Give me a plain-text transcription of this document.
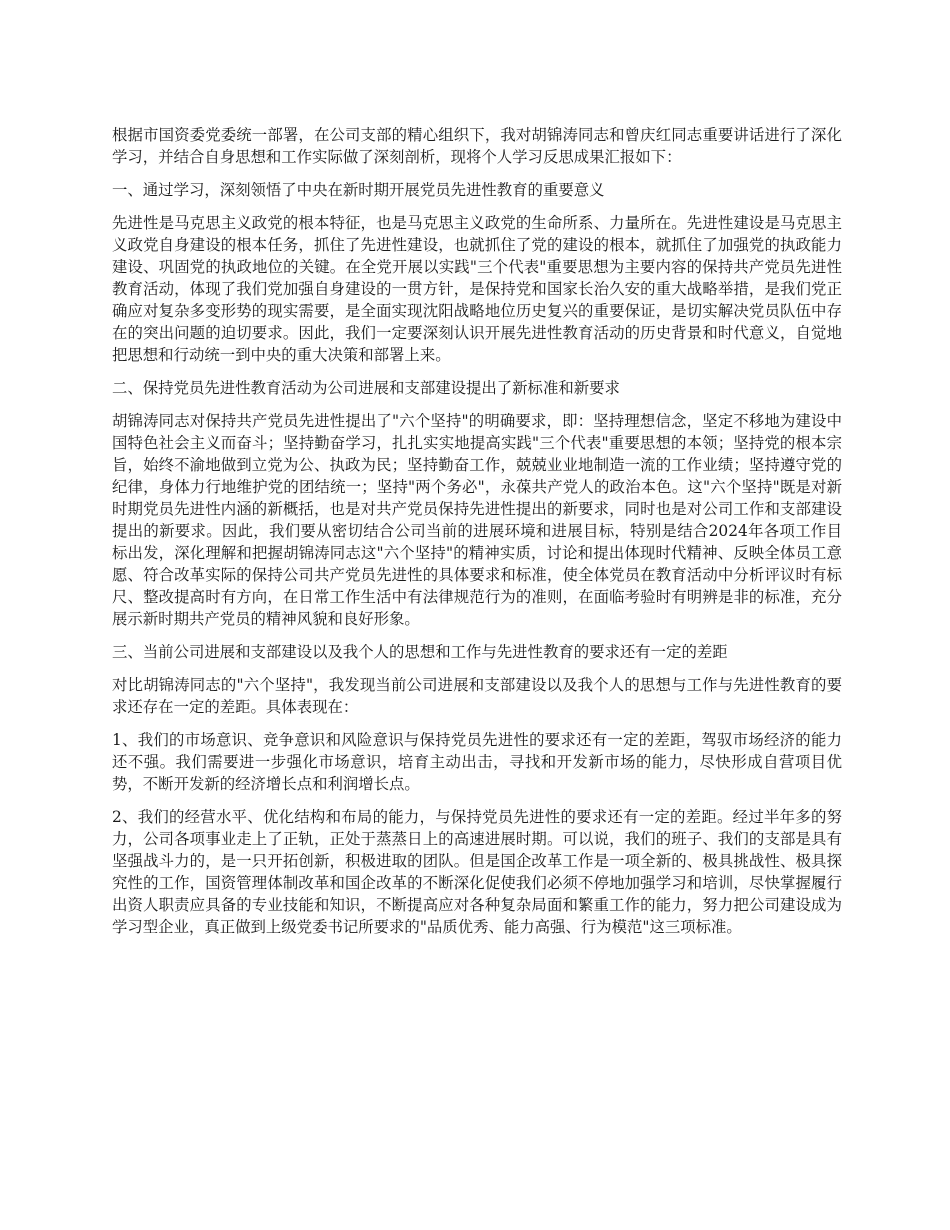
根据市国资委党委统一部署，在公司支部的精心组织下，我对胡锦涛同志和曾庆红同志重要讲话进行了深化学习，并结合自身思想和工作实际做了深刻剖析，现将个人学习反思成果汇报如下：

一、通过学习，深刻领悟了中央在新时期开展党员先进性教育的重要意义

先进性是马克思主义政党的根本特征，也是马克思主义政党的生命所系、力量所在。先进性建设是马克思主义政党自身建设的根本任务，抓住了先进性建设，也就抓住了党的建设的根本，就抓住了加强党的执政能力建设、巩固党的执政地位的关键。在全党开展以实践"三个代表"重要思想为主要内容的保持共产党员先进性教育活动，体现了我们党加强自身建设的一贯方针，是保持党和国家长治久安的重大战略举措，是我们党正确应对复杂多变形势的现实需要，是全面实现沈阳战略地位历史复兴的重要保证，是切实解决党员队伍中存在的突出问题的迫切要求。因此，我们一定要深刻认识开展先进性教育活动的历史背景和时代意义，自觉地把思想和行动统一到中央的重大决策和部署上来。

二、保持党员先进性教育活动为公司进展和支部建设提出了新标准和新要求

胡锦涛同志对保持共产党员先进性提出了"六个坚持"的明确要求，即：坚持理想信念，坚定不移地为建设中国特色社会主义而奋斗；坚持勤奋学习，扎扎实实地提高实践"三个代表"重要思想的本领；坚持党的根本宗旨，始终不渝地做到立党为公、执政为民；坚持勤奋工作，兢兢业业地制造一流的工作业绩；坚持遵守党的纪律，身体力行地维护党的团结统一；坚持"两个务必"，永葆共产党人的政治本色。这"六个坚持"既是对新时期党员先进性内涵的新概括，也是对共产党员保持先进性提出的新要求，同时也是对公司工作和支部建设提出的新要求。因此，我们要从密切结合公司当前的进展环境和进展目标，特别是结合2024年各项工作目标出发，深化理解和把握胡锦涛同志这"六个坚持"的精神实质，讨论和提出体现时代精神、反映全体员工意愿、符合改革实际的保持公司共产党员先进性的具体要求和标准，使全体党员在教育活动中分析评议时有标尺、整改提高时有方向，在日常工作生活中有法律规范行为的准则，在面临考验时有明辨是非的标准，充分展示新时期共产党员的精神风貌和良好形象。

三、当前公司进展和支部建设以及我个人的思想和工作与先进性教育的要求还有一定的差距

对比胡锦涛同志的"六个坚持"，我发现当前公司进展和支部建设以及我个人的思想与工作与先进性教育的要求还存在一定的差距。具体表现在：

1、我们的市场意识、竞争意识和风险意识与保持党员先进性的要求还有一定的差距，驾驭市场经济的能力还不强。我们需要进一步强化市场意识，培育主动出击，寻找和开发新市场的能力，尽快形成自营项目优势，不断开发新的经济增长点和利润增长点。

2、我们的经营水平、优化结构和布局的能力，与保持党员先进性的要求还有一定的差距。经过半年多的努力，公司各项事业走上了正轨，正处于蒸蒸日上的高速进展时期。可以说，我们的班子、我们的支部是具有坚强战斗力的，是一只开拓创新，积极进取的团队。但是国企改革工作是一项全新的、极具挑战性、极具探究性的工作，国资管理体制改革和国企改革的不断深化促使我们必须不停地加强学习和培训，尽快掌握履行出资人职责应具备的专业技能和知识，不断提高应对各种复杂局面和繁重工作的能力，努力把公司建设成为学习型企业，真正做到上级党委书记所要求的"品质优秀、能力高强、行为模范"这三项标准。
